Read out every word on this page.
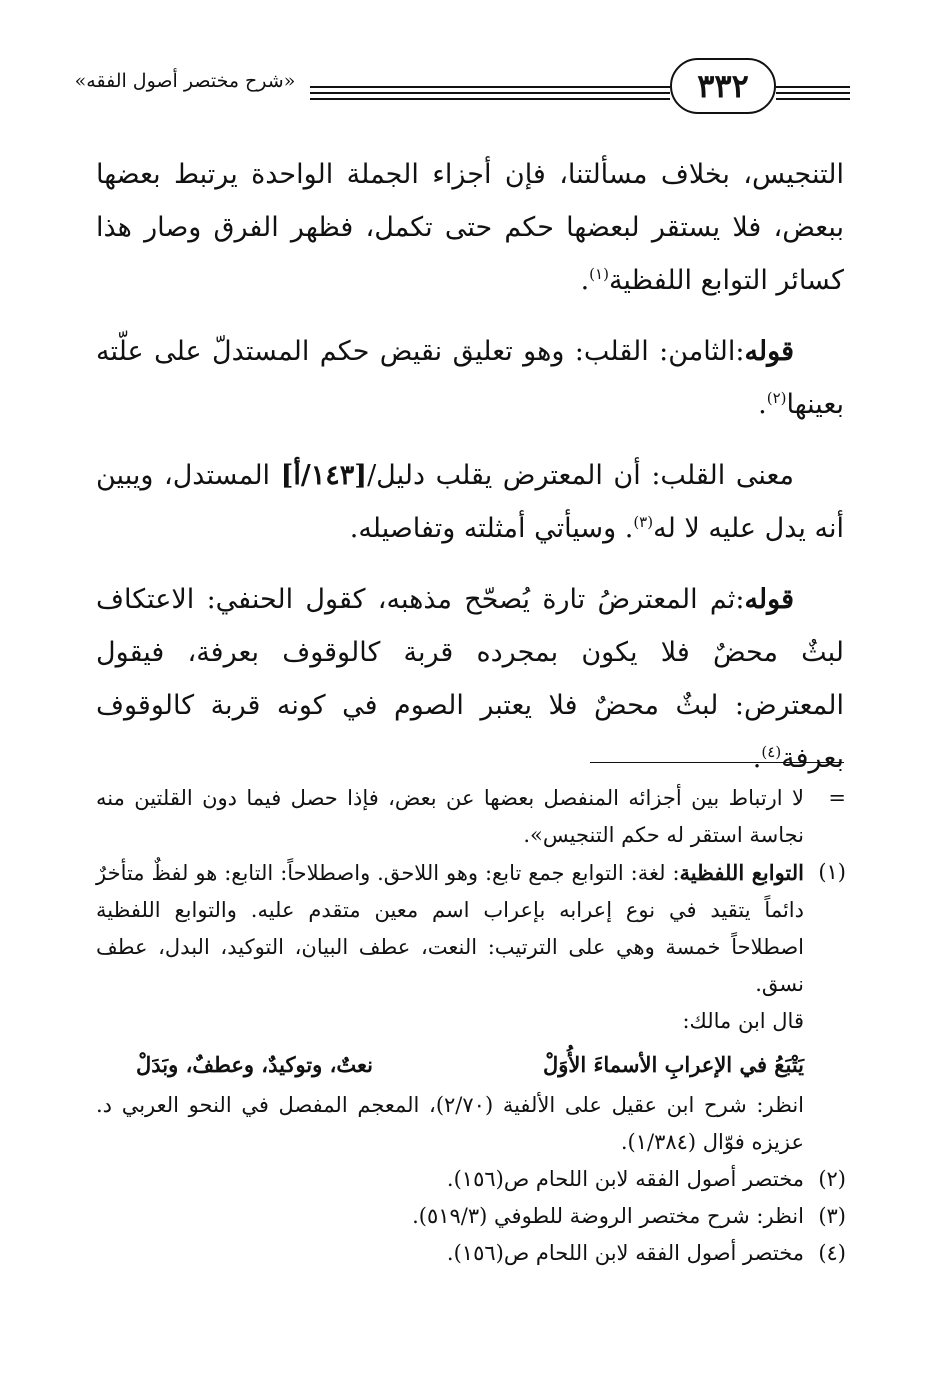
«شرح مختصر أصول الفقه»	٣٣٢

التنجيس، بخلاف مسألتنا، فإن أجزاء الجملة الواحدة يرتبط بعضها ببعض، فلا يستقر لبعضها حكم حتى تكمل، فظهر الفرق وصار هذا كسائر التوابع اللفظية$^{(١)}$.

قوله:الثامن: القلب: وهو تعليق نقيض حكم المستدلّ على علّته بعينها$^{(٢)}$.

معنى القلب: أن المعترض يقلب دليل/[١٤٣/أ] المستدل، ويبين أنه يدل عليه لا له$^{(٣)}$. وسيأتي أمثلته وتفاصيله.

قوله:ثم المعترضُ تارة يُصحّح مذهبه، كقول الحنفي: الاعتكاف لبثٌ محضٌ فلا يكون بمجرده قربة كالوقوف بعرفة، فيقول المعترض: لبثٌ محضٌ فلا يعتبر الصوم في كونه قربة كالوقوف بعرفة$^{(٤)}$.

=
لا ارتباط بين أجزائه المنفصل بعضها عن بعض، فإذا حصل فيما دون القلتين منه نجاسة استقر له حكم التنجيس».
(١)
التوابع اللفظية: لغة: التوابع جمع تابع: وهو اللاحق. واصطلاحاً: التابع: هو لفظٌ متأخرٌ دائماً يتقيد في نوع إعرابه بإعراب اسم معين متقدم عليه. والتوابع اللفظية اصطلاحاً خمسة وهي على الترتيب: النعت، عطف البيان، التوكيد، البدل، عطف نسق.
قال ابن مالك:
يَتْبَعُ في الإعرابِ الأسماءَ الأُوَلْ
نعتٌ، وتوكيدٌ، وعطفٌ، وبَدَلْ
انظر: شرح ابن عقيل على الألفية (٢/٧٠)، المعجم المفصل في النحو العربي د. عزيزه فوّال (١/٣٨٤).
(٢)
مختصر أصول الفقه لابن اللحام ص(١٥٦).
(٣)
انظر: شرح مختصر الروضة للطوفي (٥١٩/٣).
(٤)
مختصر أصول الفقه لابن اللحام ص(١٥٦).
